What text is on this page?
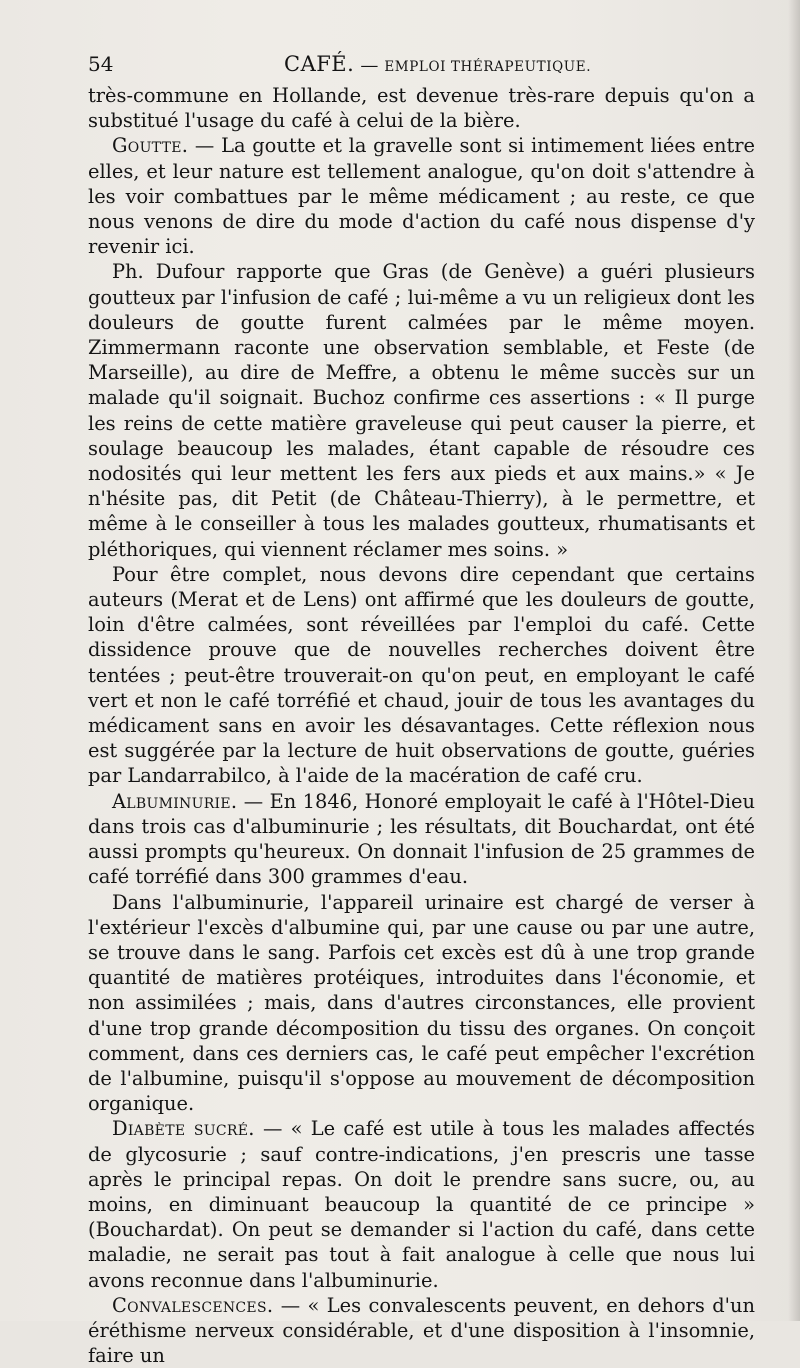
54	CAFÉ. — EMPLOI THÉRAPEUTIQUE.

très-commune en Hollande, est devenue très-rare depuis qu'on a substitué l'usage du café à celui de la bière.

Goutte. — La goutte et la gravelle sont si intimement liées entre elles, et leur nature est tellement analogue, qu'on doit s'attendre à les voir combattues par le même médicament ; au reste, ce que nous venons de dire du mode d'action du café nous dispense d'y revenir ici.

Ph. Dufour rapporte que Gras (de Genève) a guéri plusieurs goutteux par l'infusion de café ; lui-même a vu un religieux dont les douleurs de goutte furent calmées par le même moyen. Zimmermann raconte une observation semblable, et Feste (de Marseille), au dire de Meffre, a obtenu le même succès sur un malade qu'il soignait. Buchoz confirme ces assertions : « Il purge les reins de cette matière graveleuse qui peut causer la pierre, et soulage beaucoup les malades, étant capable de résoudre ces nodosités qui leur mettent les fers aux pieds et aux mains.» « Je n'hésite pas, dit Petit (de Château-Thierry), à le permettre, et même à le conseiller à tous les malades goutteux, rhumatisants et pléthoriques, qui viennent réclamer mes soins. »

Pour être complet, nous devons dire cependant que certains auteurs (Merat et de Lens) ont affirmé que les douleurs de goutte, loin d'être calmées, sont réveillées par l'emploi du café. Cette dissidence prouve que de nouvelles recherches doivent être tentées ; peut-être trouverait-on qu'on peut, en employant le café vert et non le café torréfié et chaud, jouir de tous les avantages du médicament sans en avoir les désavantages. Cette réflexion nous est suggérée par la lecture de huit observations de goutte, guéries par Landarrabilco, à l'aide de la macération de café cru.

Albuminurie. — En 1846, Honoré employait le café à l'Hôtel-Dieu dans trois cas d'albuminurie ; les résultats, dit Bouchardat, ont été aussi prompts qu'heureux. On donnait l'infusion de 25 grammes de café torréfié dans 300 grammes d'eau.

Dans l'albuminurie, l'appareil urinaire est chargé de verser à l'extérieur l'excès d'albumine qui, par une cause ou par une autre, se trouve dans le sang. Parfois cet excès est dû à une trop grande quantité de matières protéiques, introduites dans l'économie, et non assimilées ; mais, dans d'autres circonstances, elle provient d'une trop grande décomposition du tissu des organes. On conçoit comment, dans ces derniers cas, le café peut empêcher l'excrétion de l'albumine, puisqu'il s'oppose au mouvement de décomposition organique.

Diabète sucré. — « Le café est utile à tous les malades affectés de glycosurie ; sauf contre-indications, j'en prescris une tasse après le principal repas. On doit le prendre sans sucre, ou, au moins, en diminuant beaucoup la quantité de ce principe » (Bouchardat). On peut se demander si l'action du café, dans cette maladie, ne serait pas tout à fait analogue à celle que nous lui avons reconnue dans l'albuminurie.

Convalescences. — « Les convalescents peuvent, en dehors d'un éréthisme nerveux considérable, et d'une disposition à l'insomnie, faire un
